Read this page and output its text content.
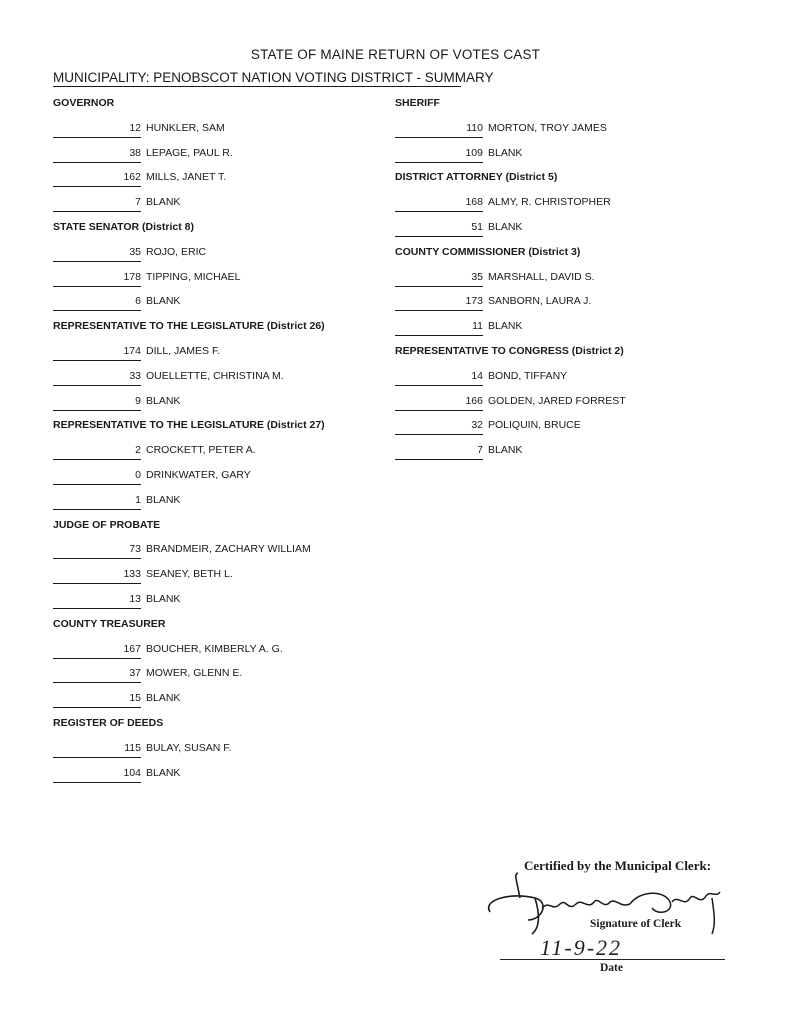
STATE OF MAINE RETURN OF VOTES CAST
MUNICIPALITY: PENOBSCOT NATION VOTING DISTRICT - SUMMARY
GOVERNOR
12 HUNKLER, SAM
38 LEPAGE, PAUL R.
162 MILLS, JANET T.
7 BLANK
STATE SENATOR (District 8)
35 ROJO, ERIC
178 TIPPING, MICHAEL
6 BLANK
REPRESENTATIVE TO THE LEGISLATURE (District 26)
174 DILL, JAMES F.
33 OUELLETTE, CHRISTINA M.
9 BLANK
REPRESENTATIVE TO THE LEGISLATURE (District 27)
2 CROCKETT, PETER A.
0 DRINKWATER, GARY
1 BLANK
JUDGE OF PROBATE
73 BRANDMEIR, ZACHARY WILLIAM
133 SEANEY, BETH L.
13 BLANK
COUNTY TREASURER
167 BOUCHER, KIMBERLY A. G.
37 MOWER, GLENN E.
15 BLANK
REGISTER OF DEEDS
115 BULAY, SUSAN F.
104 BLANK
SHERIFF
110 MORTON, TROY JAMES
109 BLANK
DISTRICT ATTORNEY (District 5)
168 ALMY, R. CHRISTOPHER
51 BLANK
COUNTY COMMISSIONER (District 3)
35 MARSHALL, DAVID S.
173 SANBORN, LAURA J.
11 BLANK
REPRESENTATIVE TO CONGRESS (District 2)
14 BOND, TIFFANY
166 GOLDEN, JARED FORREST
32 POLIQUIN, BRUCE
7 BLANK
Certified by the Municipal Clerk:
Signature of Clerk
11-9-22
Date
